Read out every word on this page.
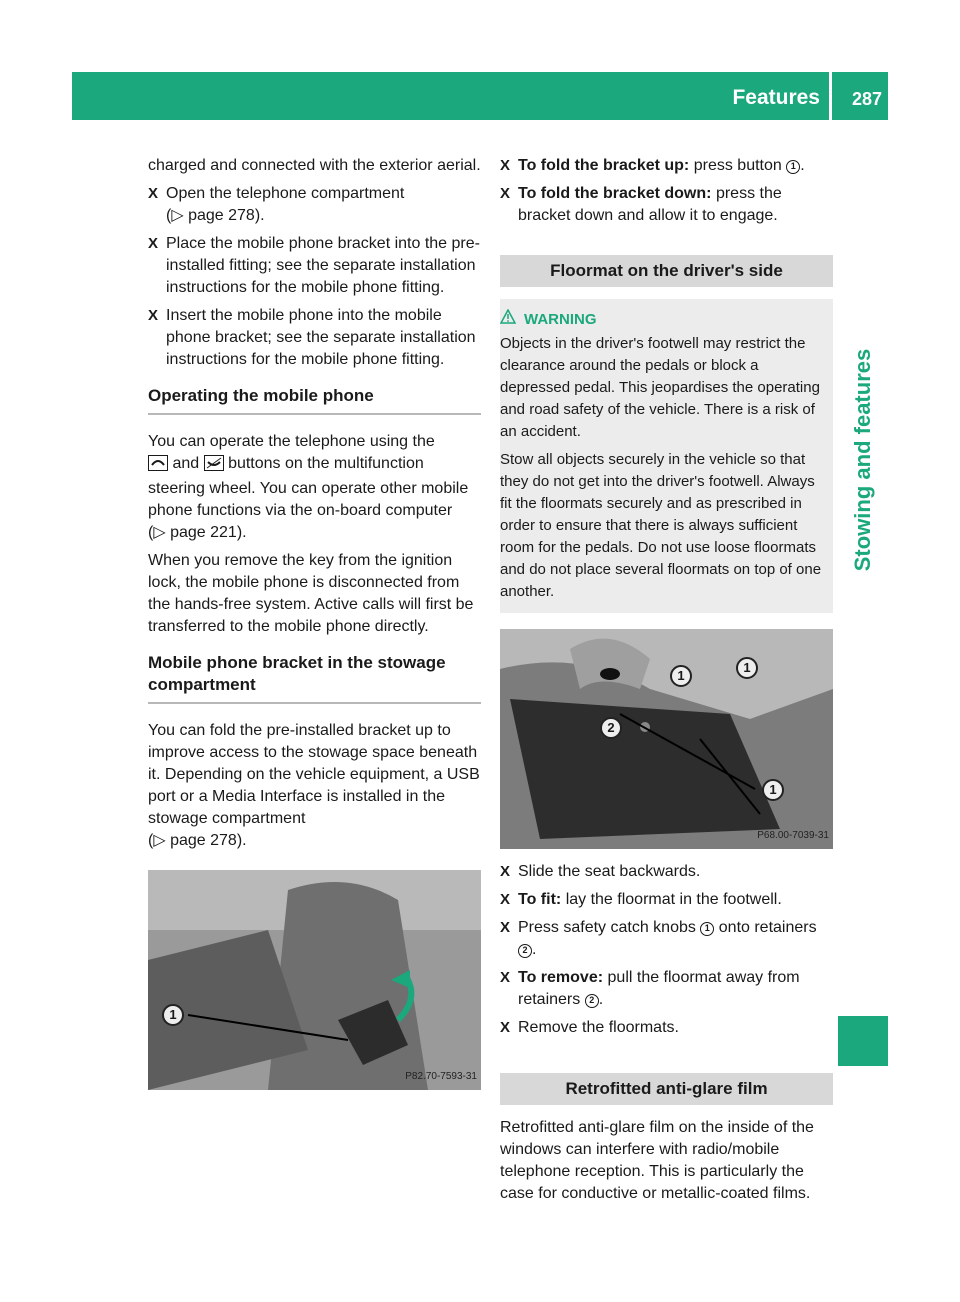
Features 287
Stowing and features

charged and connected with the exterior aerial.

X Open the telephone compartment
(▷ page 278).
X Place the mobile phone bracket into the pre-installed fitting; see the separate installation instructions for the mobile phone fitting.
X Insert the mobile phone into the mobile phone bracket; see the separate installation instructions for the mobile phone fitting.
Operating the mobile phone

You can operate the telephone using the
and buttons on the multifunction steering wheel. You can operate other mobile phone functions via the on-board computer
(▷ page 221).

When you remove the key from the ignition lock, the mobile phone is disconnected from the hands-free system. Active calls will first be transferred to the mobile phone directly.

Mobile phone bracket in the stowage compartment

You can fold the pre-installed bracket up to improve access to the stowage space beneath it. Depending on the vehicle equipment, a USB port or a Media Interface is installed in the stowage compartment
(▷ page 278).

1
P82.70-7593-31
X To fold the bracket up: press button 1 .
X To fold the bracket down: press the bracket down and allow it to engage.
Floormat on the driver's side
WARNING

Objects in the driver's footwell may restrict the clearance around the pedals or block a depressed pedal. This jeopardises the operating and road safety of the vehicle. There is a risk of an accident.

Stow all objects securely in the vehicle so that they do not get into the driver's footwell. Always fit the floormats securely and as prescribed in order to ensure that there is always sufficient room for the pedals. Do not use loose floormats and do not place several floormats on top of one another.

1
1
2
1
P68.00-7039-31
X Slide the seat backwards.
X To fit: lay the floormat in the footwell.
X Press safety catch knobs 1 onto retainers 2 .
X To remove: pull the floormat away from retainers 2 .
X Remove the floormats.
Retrofitted anti-glare film

Retrofitted anti-glare film on the inside of the windows can interfere with radio/mobile telephone reception. This is particularly the case for conductive or metallic-coated films.
